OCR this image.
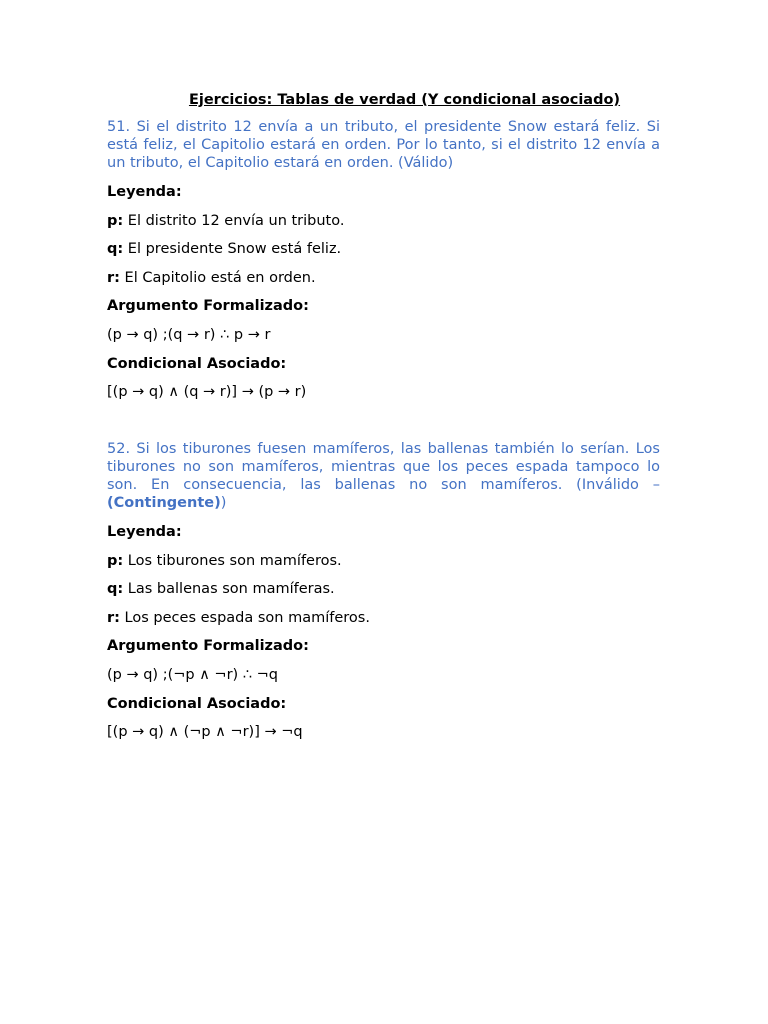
Ejercicios: Tablas de verdad (Y condicional asociado)
51. Si el distrito 12 envía a un tributo, el presidente Snow estará feliz. Si está feliz, el Capitolio estará en orden. Por lo tanto, si el distrito 12 envía a un tributo, el Capitolio estará en orden. (Válido)
Leyenda:
p: El distrito 12 envía un tributo.
q: El presidente Snow está feliz.
r: El Capitolio está en orden.
Argumento Formalizado:
(p → q) ;(q → r) ∴ p → r
Condicional Asociado:
[(p → q) ∧ (q → r)] → (p → r)
52. Si los tiburones fuesen mamíferos, las ballenas también lo serían. Los tiburones no son mamíferos, mientras que los peces espada tampoco lo son. En consecuencia, las ballenas no son mamíferos. (Inválido – (Contingente))
Leyenda:
p: Los tiburones son mamíferos.
q: Las ballenas son mamíferas.
r: Los peces espada son mamíferos.
Argumento Formalizado:
(p → q) ;(¬p ∧ ¬r) ∴ ¬q
Condicional Asociado:
[(p → q) ∧ (¬p ∧ ¬r)] → ¬q
